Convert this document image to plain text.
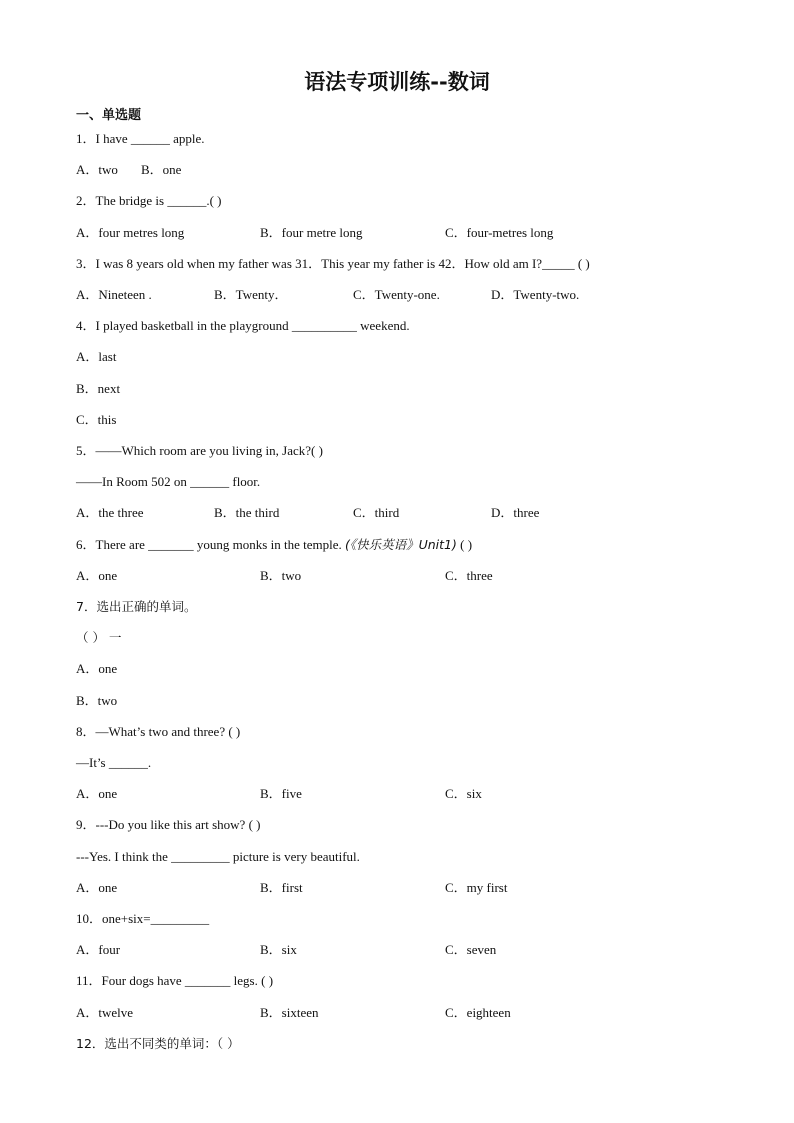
语法专项训练--数词
一、单选题
1．I have ______ apple.
A．two B．one
2．The bridge is ______.( )
A．four metres long	B．four metre long	C．four-metres long
3．I was 8 years old when my father was 31．This year my father is 42．How old am I?_____ ( )
A．Nineteen .	B．Twenty．	C．Twenty-one.	D．Twenty-two.
4．I played basketball in the playground __________ weekend.
A．last
B．next
C．this
5．——Which room are you living in, Jack?( )
——In Room 502 on ______ floor.
A．the three	B．the third	C．third	D．three
6．There are _______ young monks in the temple. (《快乐英语》Unit1) ( )
A．one	B．two	C．three
7．选出正确的单词。
（ ） 一
A．one
B．two
8．—What’s two and three? ( )
—It’s ______.
A．one	B．five	C．six
9．---Do you like this art show? ( )
---Yes. I think the _________ picture is very beautiful.
A．one	B．first	C．my first
10．one+six=_________
A．four	B．six	C．seven
11．Four dogs have _______ legs. ( )
A．twelve	B．sixteen	C．eighteen
12．选出不同类的单词：（ ）
